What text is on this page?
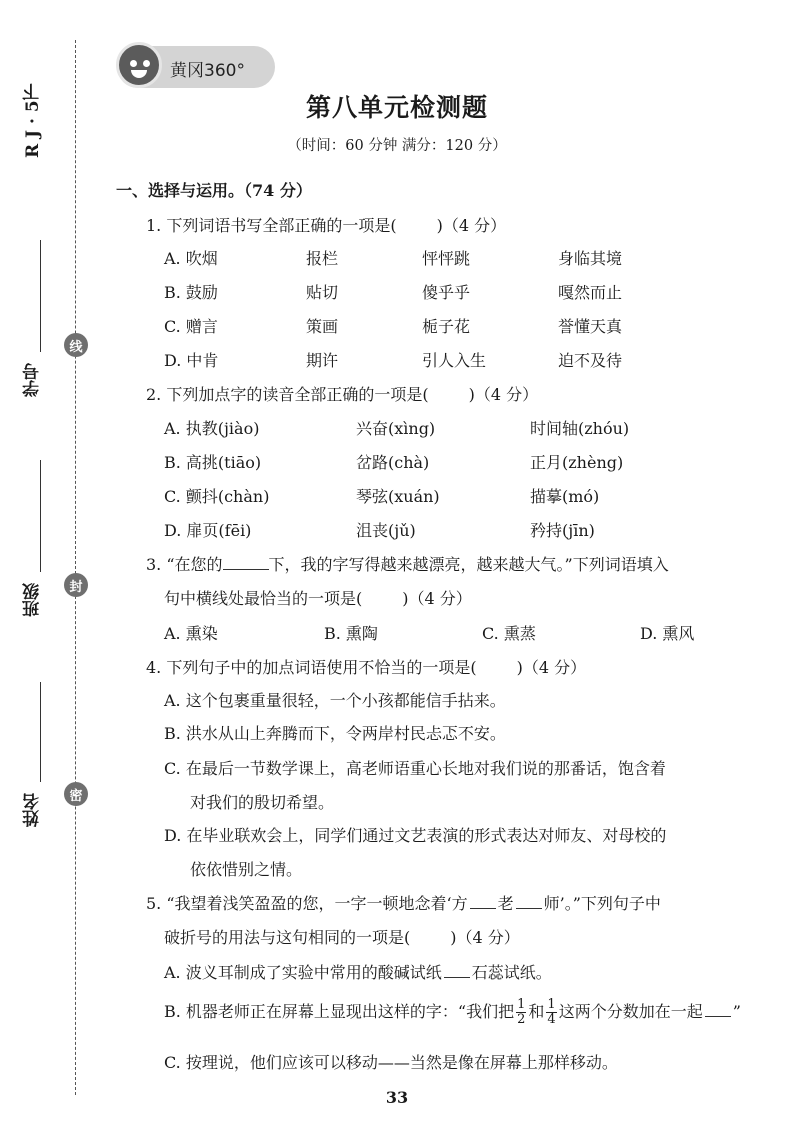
R J · 5下
学号
班级
姓名
线
封
密
黄冈360°
第八单元检测题
（时间：60 分钟 满分：120 分）
一、选择与运用。（74 分）
1. 下列词语书写全部正确的一项是(	)（4 分）
A. 吹烟	报栏	怦怦跳	身临其境
B. 鼓励	贴切	傻乎乎	嘎然而止
C. 赠言	策画	栀子花	誉懂天真
D. 中肯	期许	引人入生	迫不及待
2. 下列加点字的读音全部正确的一项是(	)（4 分）
A. 执教(jiào)	兴奋(xìng)	时间轴(zhóu)
B. 高挑(tiāo)	岔路(chà)	正月(zhèng)
C. 颤抖(chàn)	琴弦(xuán)	描摹(mó)
D. 扉页(fēi)	沮丧(jǔ)	矜持(jīn)
3. “在您的	下，我的字写得越来越漂亮，越来越大气。”下列词语填入
句中横线处最恰当的一项是(	)（4 分）
A. 熏染	B. 熏陶	C. 熏蒸	D. 熏风
4. 下列句子中的加点词语使用不恰当的一项是(	)（4 分）
A. 这个包裹重量很轻，一个小孩都能信手拈来。
B. 洪水从山上奔腾而下，令两岸村民忐忑不安。
C. 在最后一节数学课上，高老师语重心长地对我们说的那番话，饱含着
对我们的殷切希望。
D. 在毕业联欢会上，同学们通过文艺表演的形式表达对师友、对母校的
依依惜别之情。
5. “我望着浅笑盈盈的您，一字一顿地念着‘方 老 师’。”下列句子中
破折号的用法与这句相同的一项是(	)（4 分）
A. 波义耳制成了实验中常用的酸碱试纸 石蕊试纸。
B. 机器老师正在屏幕上显现出这样的字：“我们把 $\frac{1}{2}$ 和 $\frac{1}{4}$ 这两个分数加在一起 ”
C. 按理说，他们应该可以移动——当然是像在屏幕上那样移动。
33
